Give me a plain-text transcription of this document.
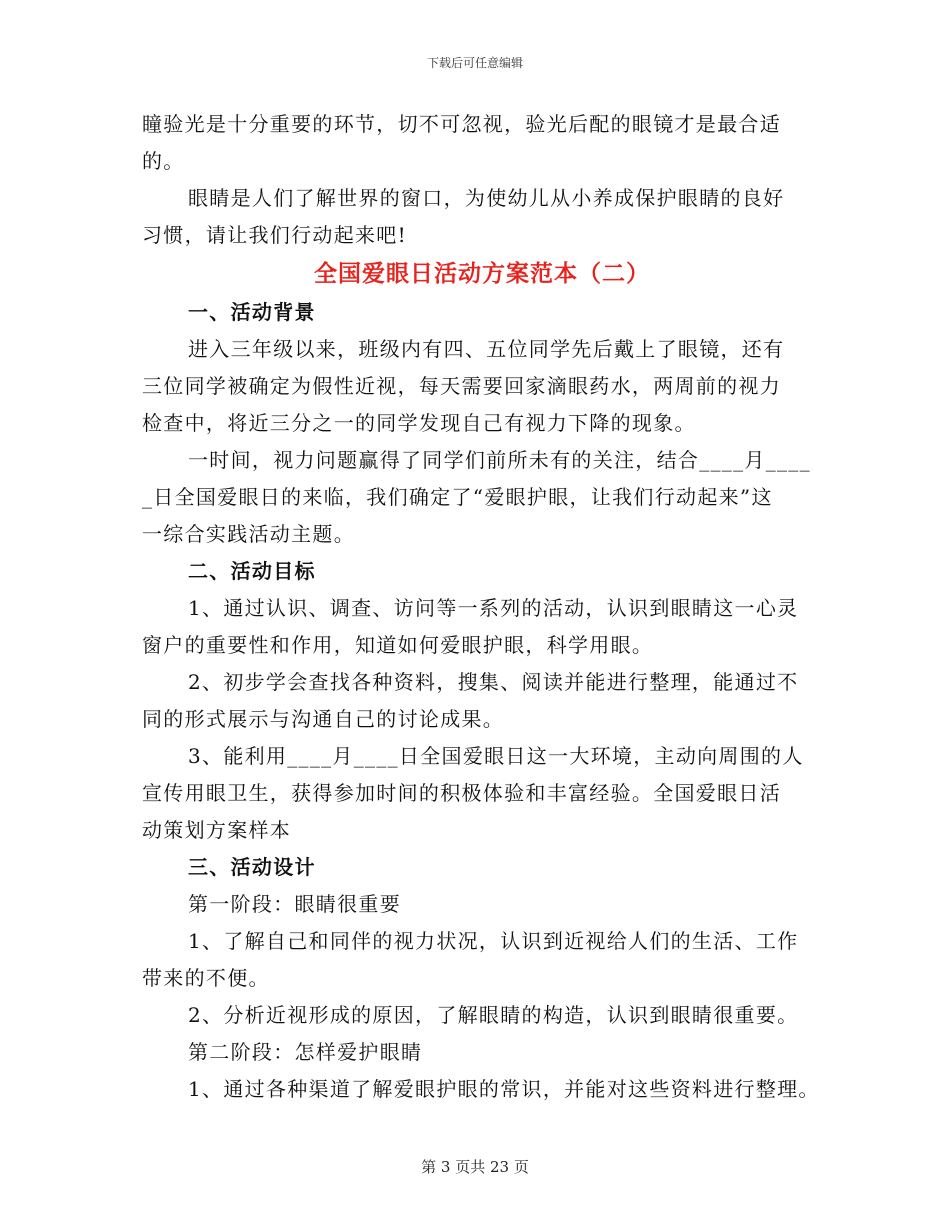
下载后可任意编辑
瞳验光是十分重要的环节，切不可忽视，验光后配的眼镜才是最合适
的。
眼睛是人们了解世界的窗口，为使幼儿从小养成保护眼睛的良好
习惯，请让我们行动起来吧!
全国爱眼日活动方案范本（二）
一、活动背景
进入三年级以来，班级内有四、五位同学先后戴上了眼镜，还有
三位同学被确定为假性近视，每天需要回家滴眼药水，两周前的视力
检查中，将近三分之一的同学发现自己有视力下降的现象。
一时间，视力问题赢得了同学们前所未有的关注，结合____月____
_日全国爱眼日的来临，我们确定了“爱眼护眼，让我们行动起来”这
一综合实践活动主题。
二、活动目标
1、通过认识、调查、访问等一系列的活动，认识到眼睛这一心灵
窗户的重要性和作用，知道如何爱眼护眼，科学用眼。
2、初步学会查找各种资料，搜集、阅读并能进行整理，能通过不
同的形式展示与沟通自己的讨论成果。
3、能利用____月____日全国爱眼日这一大环境，主动向周围的人
宣传用眼卫生，获得参加时间的积极体验和丰富经验。全国爱眼日活
动策划方案样本
三、活动设计
第一阶段：眼睛很重要
1、了解自己和同伴的视力状况，认识到近视给人们的生活、工作
带来的不便。
2、分析近视形成的原因，了解眼睛的构造，认识到眼睛很重要。
第二阶段：怎样爱护眼睛
1、通过各种渠道了解爱眼护眼的常识，并能对这些资料进行整理。
第 3 页共 23 页
